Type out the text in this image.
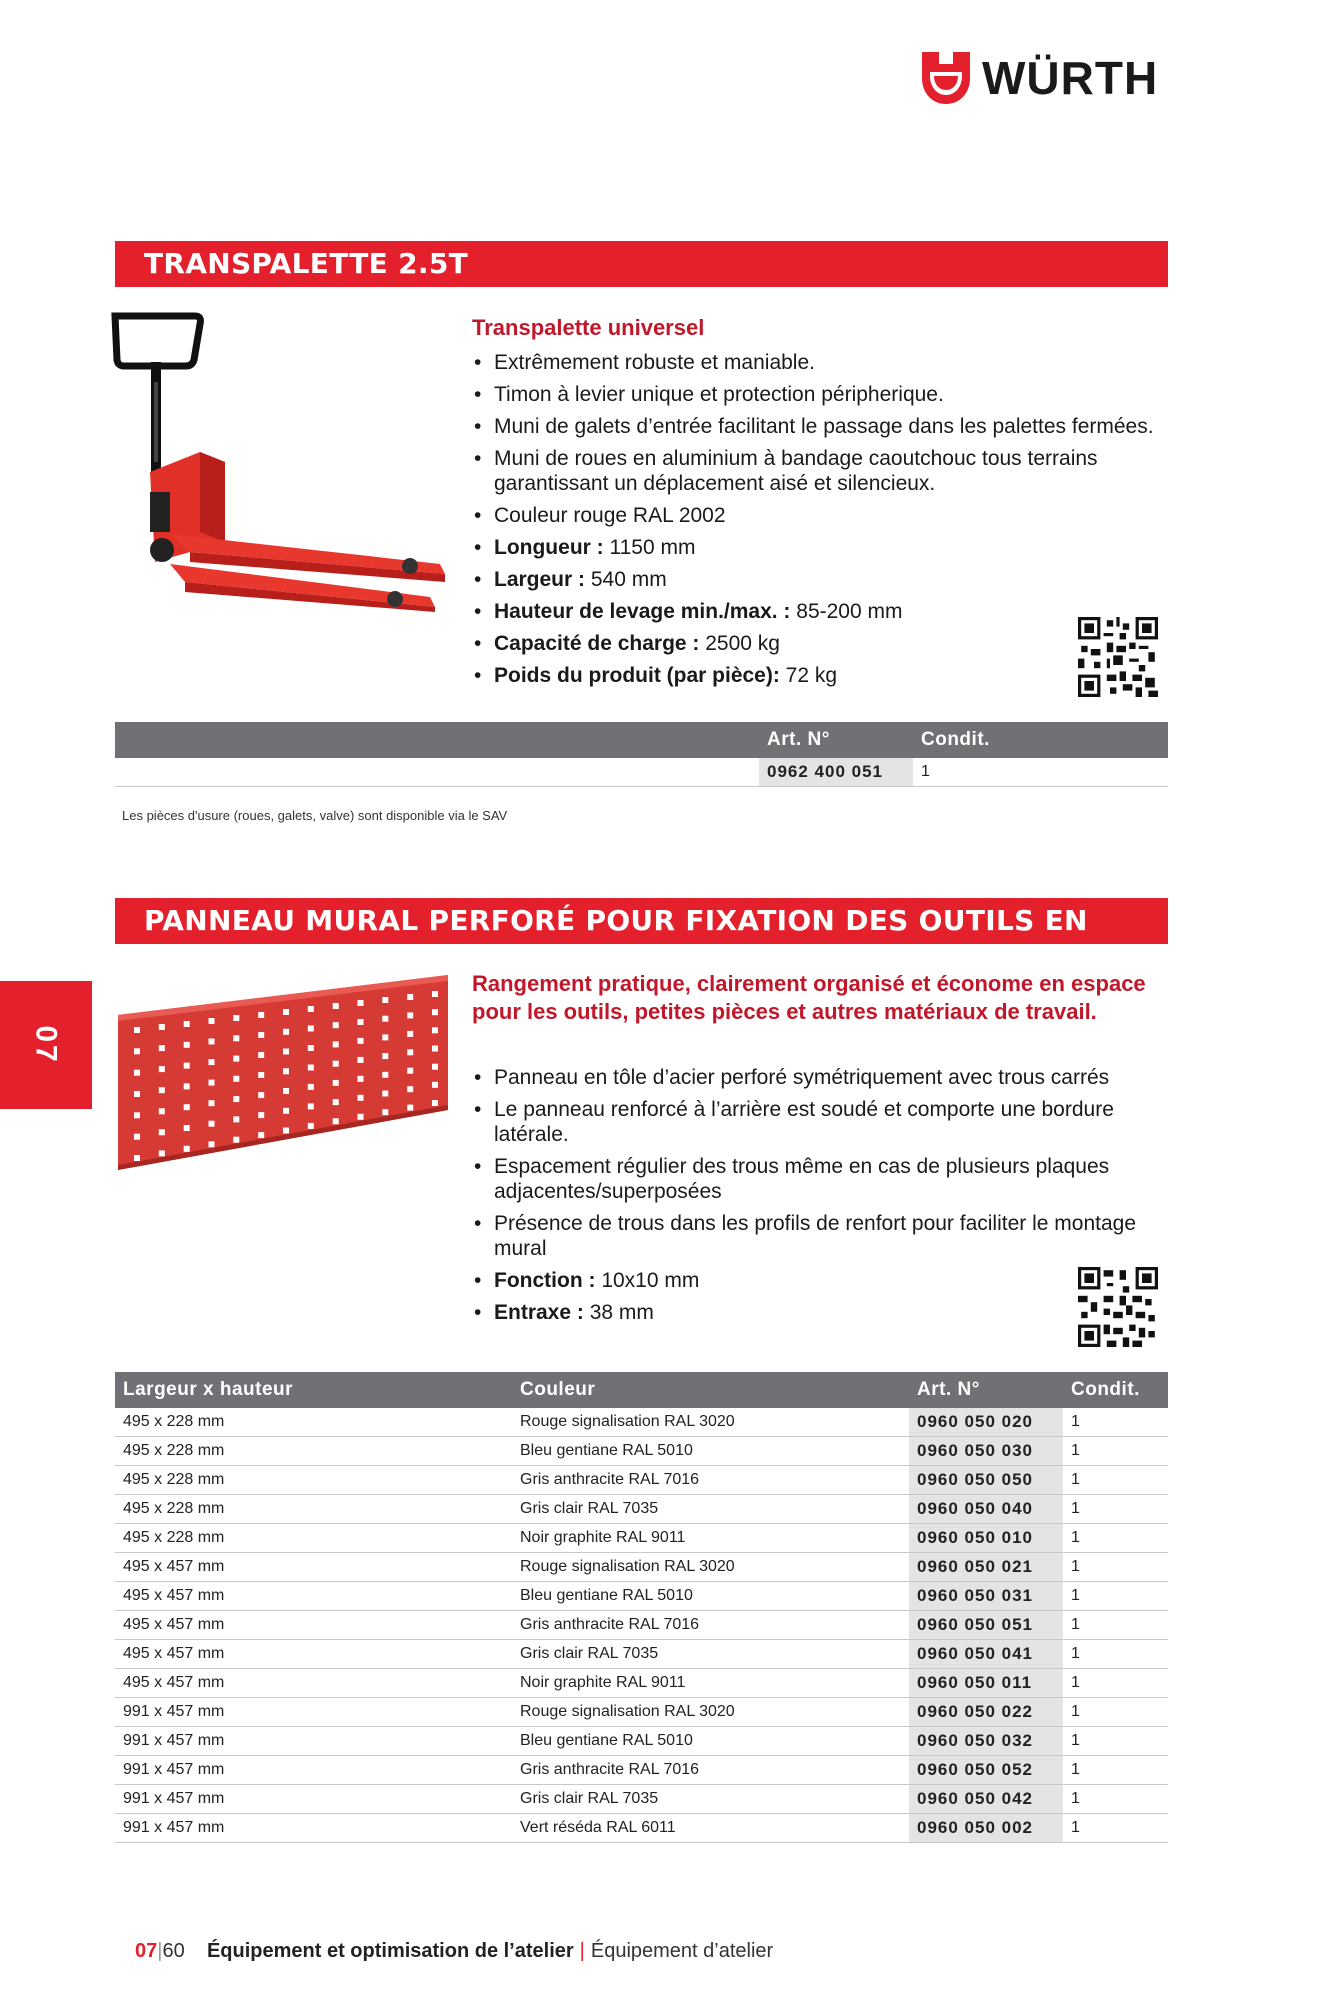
WÜRTH
TRANSPALETTE 2.5T
Transpalette universel
• Extrêmement robuste et maniable.
• Timon à levier unique et protection péripherique.
• Muni de galets d’entrée facilitant le passage dans les palettes fermées.
• Muni de roues en aluminium à bandage caoutchouc tous terrains garantissant un déplacement aisé et silencieux.
• Couleur rouge RAL 2002
• Longueur : 1150 mm
• Largeur : 540 mm
• Hauteur de levage min./max. : 85-200 mm
• Capacité de charge : 2500 kg
• Poids du produit (par pièce): 72 kg
	Art. N°	Condit.
	0962 400 051	1
Les pièces d'usure (roues, galets, valve) sont disponible via le SAV
PANNEAU MURAL PERFORÉ POUR FIXATION DES OUTILS EN ATELIER
07
Rangement pratique, clairement organisé et économe en espace pour les outils, petites pièces et autres matériaux de travail.
• Panneau en tôle d’acier perforé symétriquement avec trous carrés
• Le panneau renforcé à l’arrière est soudé et comporte une bordure latérale.
• Espacement régulier des trous même en cas de plusieurs plaques adjacentes/superposées
• Présence de trous dans les profils de renfort pour faciliter le montage mural
• Fonction : 10x10 mm
• Entraxe : 38 mm
Largeur x hauteur	Couleur	Art. N°	Condit.
495 x 228 mm	Rouge signalisation RAL 3020	0960 050 020	1
495 x 228 mm	Bleu gentiane RAL 5010	0960 050 030	1
495 x 228 mm	Gris anthracite RAL 7016	0960 050 050	1
495 x 228 mm	Gris clair RAL 7035	0960 050 040	1
495 x 228 mm	Noir graphite RAL 9011	0960 050 010	1
495 x 457 mm	Rouge signalisation RAL 3020	0960 050 021	1
495 x 457 mm	Bleu gentiane RAL 5010	0960 050 031	1
495 x 457 mm	Gris anthracite RAL 7016	0960 050 051	1
495 x 457 mm	Gris clair RAL 7035	0960 050 041	1
495 x 457 mm	Noir graphite RAL 9011	0960 050 011	1
991 x 457 mm	Rouge signalisation RAL 3020	0960 050 022	1
991 x 457 mm	Bleu gentiane RAL 5010	0960 050 032	1
991 x 457 mm	Gris anthracite RAL 7016	0960 050 052	1
991 x 457 mm	Gris clair RAL 7035	0960 050 042	1
991 x 457 mm	Vert réséda RAL 6011	0960 050 002	1
07|60 Équipement et optimisation de l’atelier | Équipement d’atelier
